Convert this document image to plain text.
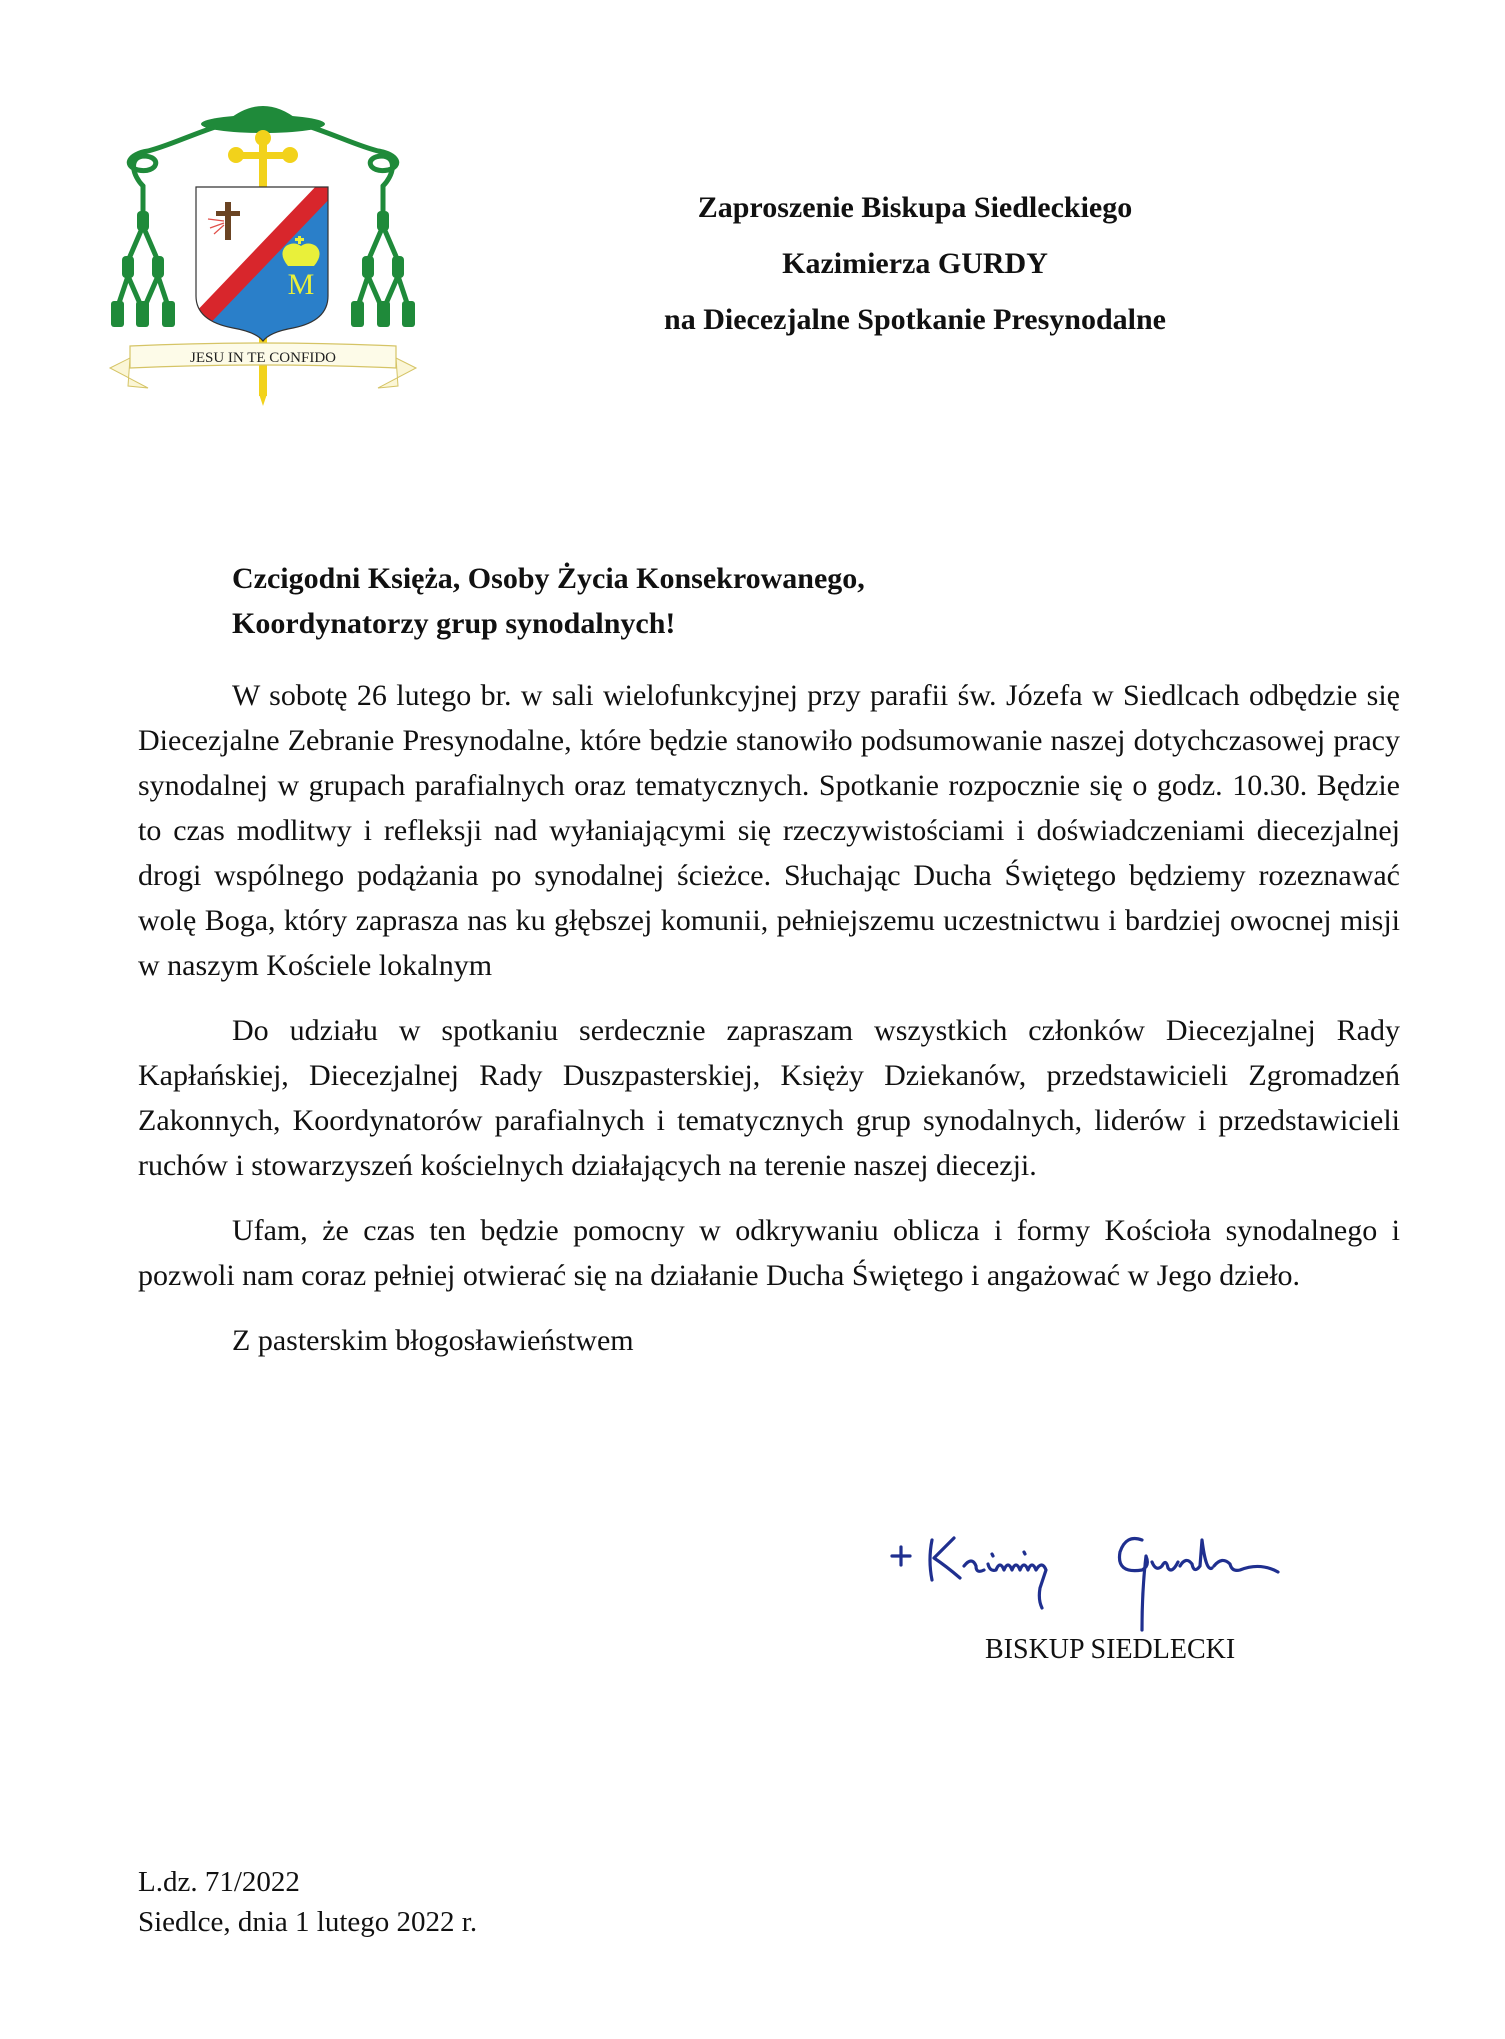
M
JESU IN TE CONFIDO
Zaproszenie Biskupa Siedleckiego
Kazimierza GURDY
na Diecezjalne Spotkanie Presynodalne
Czcigodni Księża, Osoby Życia Konsekrowanego,
Koordynatorzy grup synodalnych!

W sobotę 26 lutego br. w sali wielofunkcyjnej przy parafii św. Józefa w Siedlcach odbędzie się Diecezjalne Zebranie Presynodalne, które będzie stanowiło podsumowanie naszej dotychczasowej pracy synodalnej w grupach parafialnych oraz tematycznych. Spotkanie rozpocznie się o godz. 10.30. Będzie to czas modlitwy i refleksji nad wyłaniającymi się rzeczywistościami i doświadczeniami diecezjalnej drogi wspólnego podążania po synodalnej ścieżce. Słuchając Ducha Świętego będziemy rozeznawać wolę Boga, który zaprasza nas ku głębszej komunii, pełniejszemu uczestnictwu i bardziej owocnej misji w naszym Kościele lokalnym

Do udziału w spotkaniu serdecznie zapraszam wszystkich członków Diecezjalnej Rady Kapłańskiej, Diecezjalnej Rady Duszpasterskiej, Księży Dziekanów, przedstawicieli Zgromadzeń Zakonnych, Koordynatorów parafialnych i tematycznych grup synodalnych, liderów i przedstawicieli ruchów i stowarzyszeń kościelnych działających na terenie naszej diecezji.

Ufam, że czas ten będzie pomocny w odkrywaniu oblicza i formy Kościoła synodalnego i pozwoli nam coraz pełniej otwierać się na działanie Ducha Świętego i angażować w Jego dzieło.

Z pasterskim błogosławieństwem

BISKUP SIEDLECKI
L.dz. 71/2022
Siedlce, dnia 1 lutego 2022 r.
